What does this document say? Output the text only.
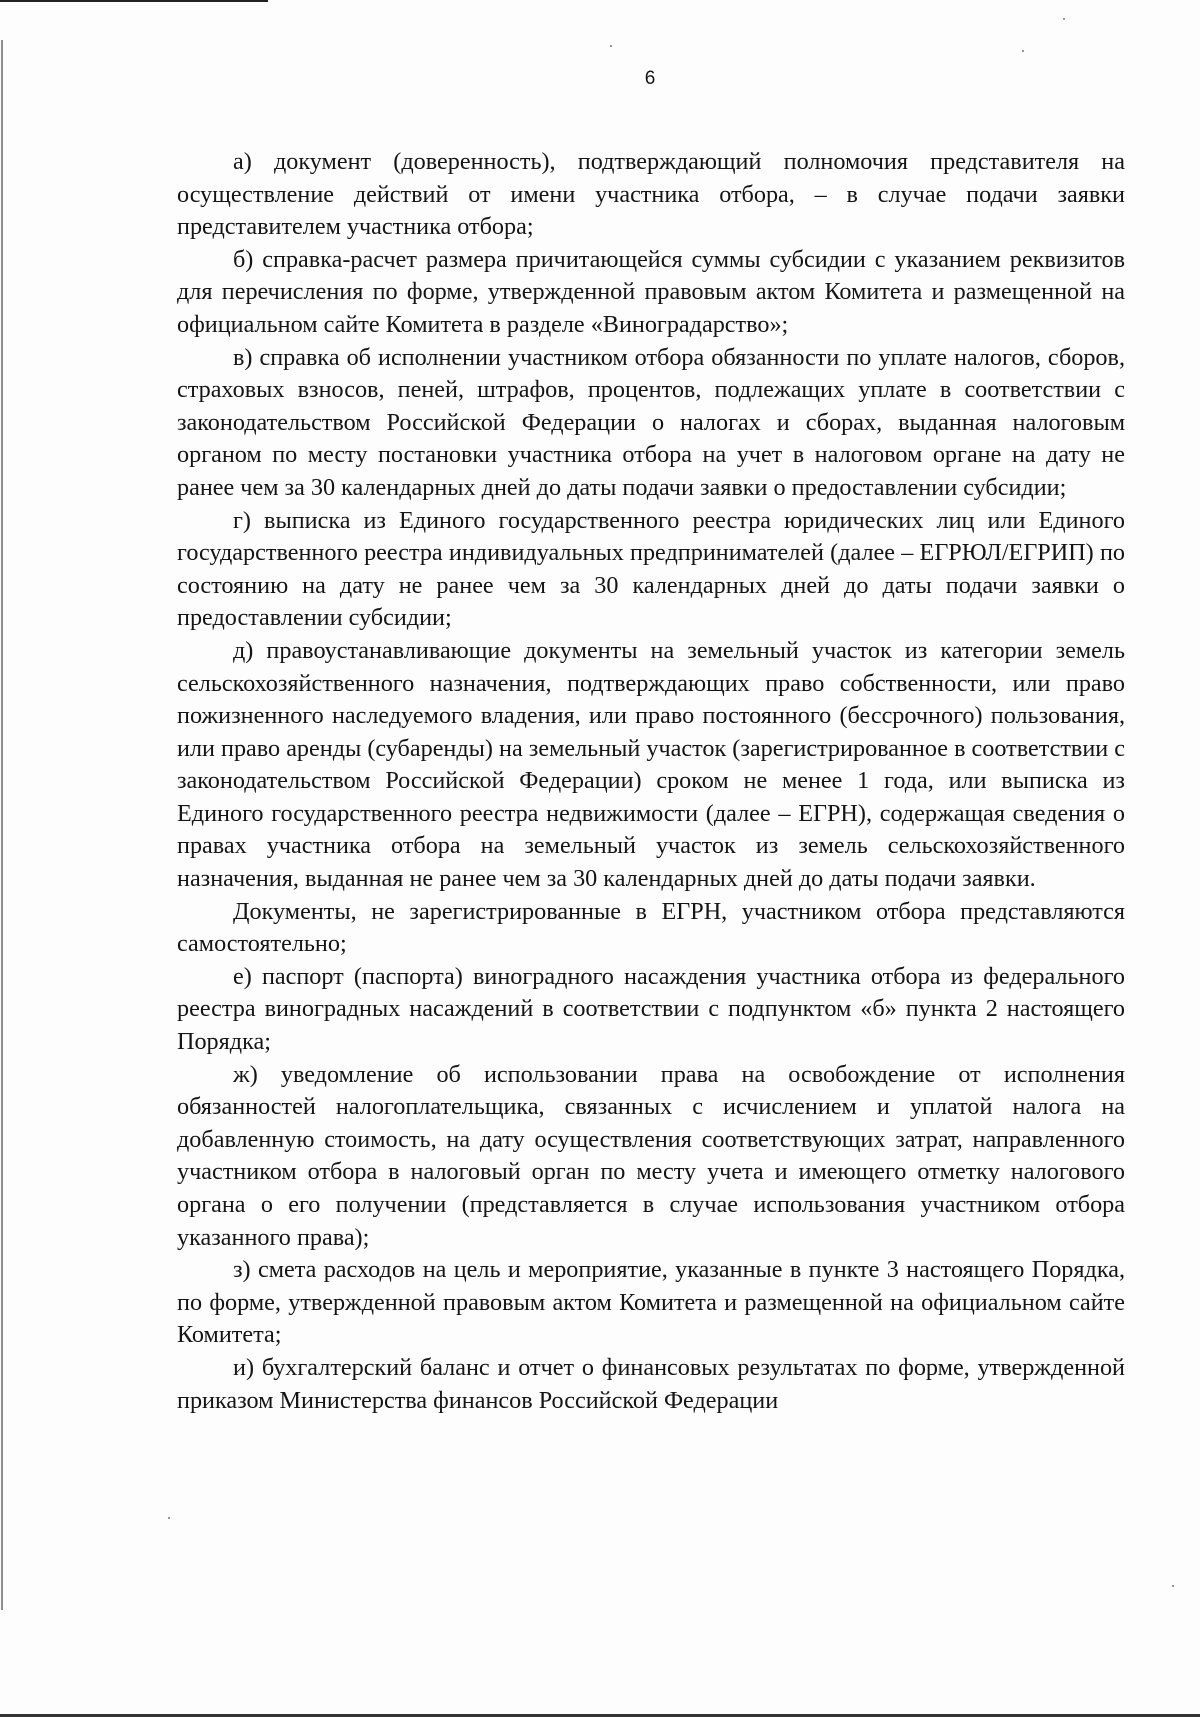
6

а) документ (доверенность), подтверждающий полномочия представителя на осуществление действий от имени участника отбора, – в случае подачи заявки представителем участника отбора;

б) справка-расчет размера причитающейся суммы субсидии с указанием реквизитов для перечисления по форме, утвержденной правовым актом Комитета и размещенной на официальном сайте Комитета в разделе «Виноградарство»;

в) справка об исполнении участником отбора обязанности по уплате налогов, сборов, страховых взносов, пеней, штрафов, процентов, подлежащих уплате в соответствии с законодательством Российской Федерации о налогах и сборах, выданная налоговым органом по месту постановки участника отбора на учет в налоговом органе на дату не ранее чем за 30 календарных дней до даты подачи заявки о предоставлении субсидии;

г) выписка из Единого государственного реестра юридических лиц или Единого государственного реестра индивидуальных предпринимателей (далее – ЕГРЮЛ/ЕГРИП) по состоянию на дату не ранее чем за 30 календарных дней до даты подачи заявки о предоставлении субсидии;

д) правоустанавливающие документы на земельный участок из категории земель сельскохозяйственного назначения, подтверждающих право собственности, или право пожизненного наследуемого владения, или право постоянного (бессрочного) пользования, или право аренды (субаренды) на земельный участок (зарегистрированное в соответствии с законодательством Российской Федерации) сроком не менее 1 года, или выписка из Единого государственного реестра недвижимости (далее – ЕГРН), содержащая сведения о правах участника отбора на земельный участок из земель сельскохозяйственного назначения, выданная не ранее чем за 30 календарных дней до даты подачи заявки.

Документы, не зарегистрированные в ЕГРН, участником отбора представляются самостоятельно;

е) паспорт (паспорта) виноградного насаждения участника отбора из федерального реестра виноградных насаждений в соответствии с подпунктом «б» пункта 2 настоящего Порядка;

ж) уведомление об использовании права на освобождение от исполнения обязанностей налогоплательщика, связанных с исчислением и уплатой налога на добавленную стоимость, на дату осуществления соответствующих затрат, направленного участником отбора в налоговый орган по месту учета и имеющего отметку налогового органа о его получении (представляется в случае использования участником отбора указанного права);

з) смета расходов на цель и мероприятие, указанные в пункте 3 настоящего Порядка, по форме, утвержденной правовым актом Комитета и размещенной на официальном сайте Комитета;

и) бухгалтерский баланс и отчет о финансовых результатах по форме, утвержденной приказом Министерства финансов Российской Федерации
